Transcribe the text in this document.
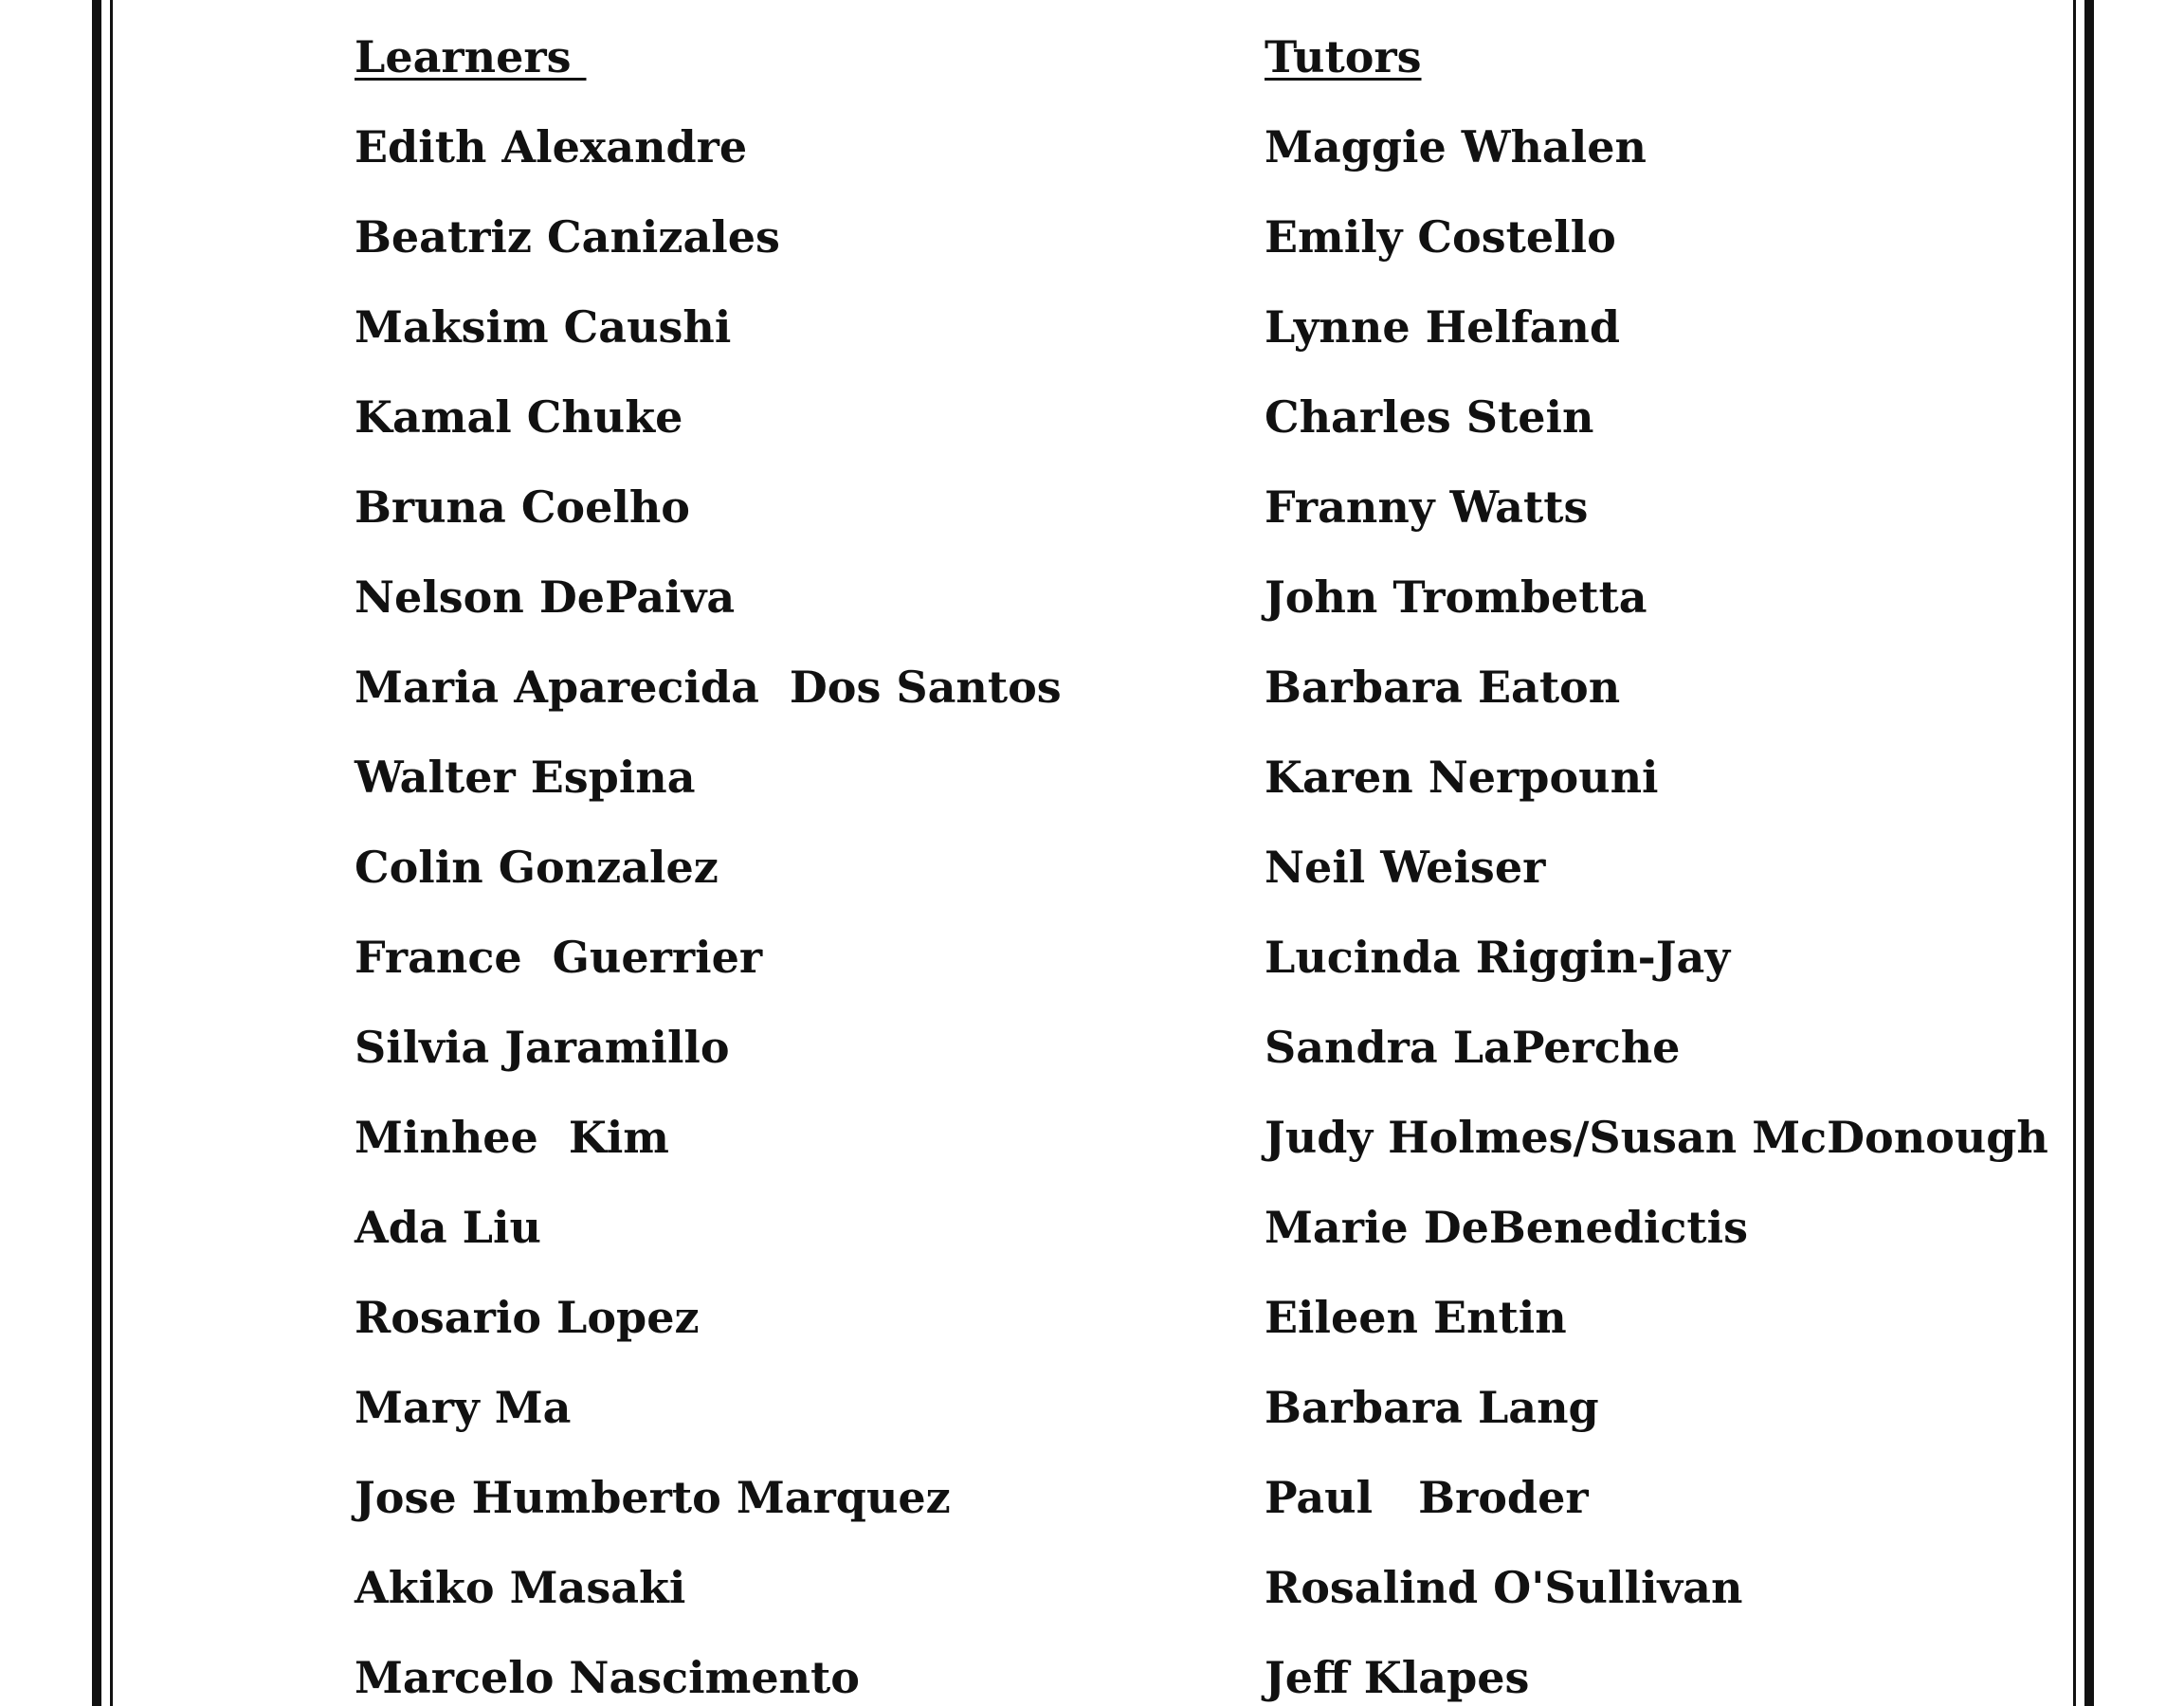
Learners
Edith Alexandre
Beatriz Canizales
Maksim Caushi
Kamal Chuke
Bruna Coelho
Nelson DePaiva
Maria Aparecida  Dos Santos
Walter Espina
Colin Gonzalez
France  Guerrier
Silvia Jaramillo
Minhee  Kim
Ada Liu
Rosario Lopez
Mary Ma
Jose Humberto Marquez
Akiko Masaki
Marcelo Nascimento
Tutors
Maggie Whalen
Emily Costello
Lynne Helfand
Charles Stein
Franny Watts
John Trombetta
Barbara Eaton
Karen Nerpouni
Neil Weiser
Lucinda Riggin-Jay
Sandra LaPerche
Judy Holmes/Susan McDonough
Marie DeBenedictis
Eileen Entin
Barbara Lang
Paul   Broder
Rosalind O'Sullivan
Jeff Klapes
